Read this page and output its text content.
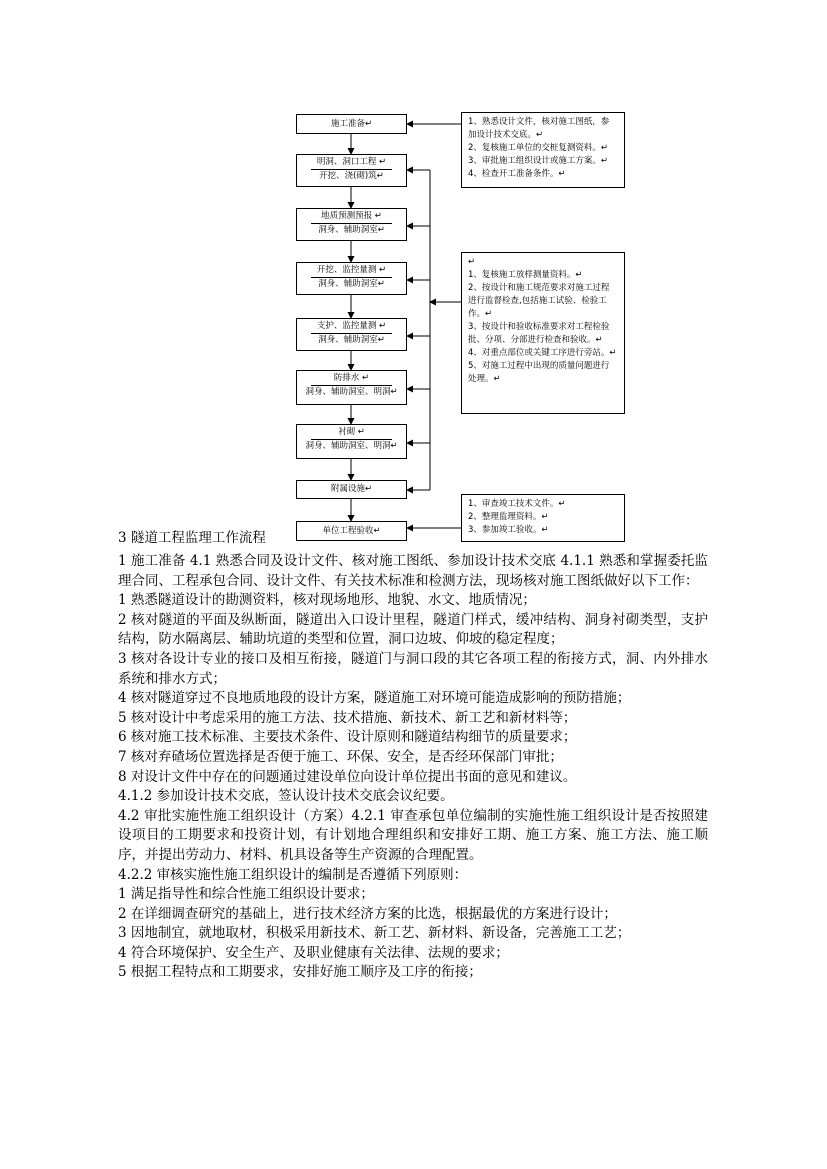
施工准备↵
明洞、洞口工程 ↵
开挖、浇(砌)筑↵
地质预测预报 ↵
洞身、辅助洞室↵
开挖、监控量测 ↵
洞身、辅助洞室↵
支护、监控量测 ↵
洞身、辅助洞室↵
防排水 ↵
洞身、辅助洞室、明洞↵
衬砌 ↵
洞身、辅助洞室、明洞↵
附属设施↵
单位工程验收↵
1、熟悉设计文件，核对施工图纸，参
加设计技术交底。↵
2、复核施工单位的交桩复测资料。↵
3、审批施工组织设计或施工方案。↵
4、检查开工准备条件。↵
↵
1、复核施工放样测量资料。↵
2、按设计和施工规范要求对施工过程
进行监督检查,包括施工试验、检验工
作。↵
3、按设计和验收标准要求对工程检验
批、分项、分部进行检查和验收。↵
4、对重点部位或关键工序进行旁站。↵
5、对施工过程中出现的质量问题进行
处理。↵
1、审查竣工技术文件。↵
2、整理监理资料。↵
3、参加竣工验收。↵
3 隧道工程监理工作流程

1 施工准备 4.1 熟悉合同及设计文件、核对施工图纸、参加设计技术交底 4.1.1 熟悉和掌握委托监理合同、工程承包合同、设计文件、有关技术标准和检测方法，现场核对施工图纸做好以下工作：

1 熟悉隧道设计的勘测资料，核对现场地形、地貌、水文、地质情况；

2 核对隧道的平面及纵断面，隧道出入口设计里程，隧道门样式，缓冲结构、洞身衬砌类型，支护结构，防水隔离层、辅助坑道的类型和位置，洞口边坡、仰坡的稳定程度；

3 核对各设计专业的接口及相互衔接，隧道门与洞口段的其它各项工程的衔接方式，洞、内外排水系统和排水方式；

4 核对隧道穿过不良地质地段的设计方案，隧道施工对环境可能造成影响的预防措施；

5 核对设计中考虑采用的施工方法、技术措施、新技术、新工艺和新材料等；

6 核对施工技术标准、主要技术条件、设计原则和隧道结构细节的质量要求；

7 核对弃碴场位置选择是否便于施工、环保、安全，是否经环保部门审批；

8 对设计文件中存在的问题通过建设单位向设计单位提出书面的意见和建议。

4.1.2 参加设计技术交底，签认设计技术交底会议纪要。

4.2 审批实施性施工组织设计（方案）4.2.1 审查承包单位编制的实施性施工组织设计是否按照建设项目的工期要求和投资计划，有计划地合理组织和安排好工期、施工方案、施工方法、施工顺序，并提出劳动力、材料、机具设备等生产资源的合理配置。

4.2.2 审核实施性施工组织设计的编制是否遵循下列原则：

1 满足指导性和综合性施工组织设计要求；

2 在详细调查研究的基础上，进行技术经济方案的比选，根据最优的方案进行设计；

3 因地制宜，就地取材，积极采用新技术、新工艺、新材料、新设备，完善施工工艺；

4 符合环境保护、安全生产、及职业健康有关法律、法规的要求；

5 根据工程特点和工期要求，安排好施工顺序及工序的衔接；
